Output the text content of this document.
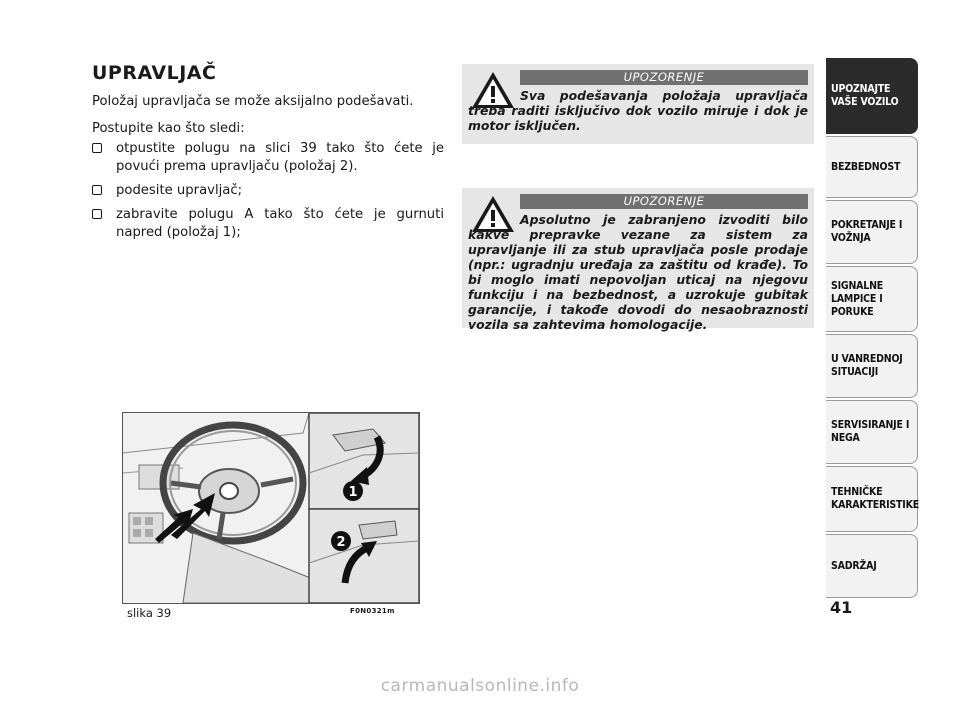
UPRAVLJAČ
Položaj upravljača se može aksijalno podešavati.
Postupite kao što sledi:
otpustite polugu na slici 39 tako što ćete je povući prema upravljaču (položaj 2).
podesite upravljač;
zabravite polugu A tako što ćete je gurnuti napred (položaj 1);
UPOZORENJE
Sva podešavanja položaja upravljača treba raditi isključivo dok vozilo miruje i dok je motor isključen.
UPOZORENJE
Apsolutno je zabranjeno izvoditi bilo kakve prepravke vezane za sistem za upravljanje ili za stub upravljača posle prodaje (npr.: ugradnju uređaja za zaštitu od krađe). To bi moglo imati nepovoljan uticaj na njegovu funkciju i na bezbednost, a uzrokuje gubitak garancije, i takođe dovodi do nesaobraznosti vozila sa zahtevima homologacije.
1
2
slika 39	F0N0321m
UPOZNAJTE VAŠE VOZILO
BEZBEDNOST
POKRETANJE I VOŽNJA
SIGNALNE LAMPICE I PORUKE
U VANREDNOJ SITUACIJI
SERVISIRANJE I NEGA
TEHNIČKE KARAKTERISTIKE
SADRŽAJ
41
carmanualsonline.info
